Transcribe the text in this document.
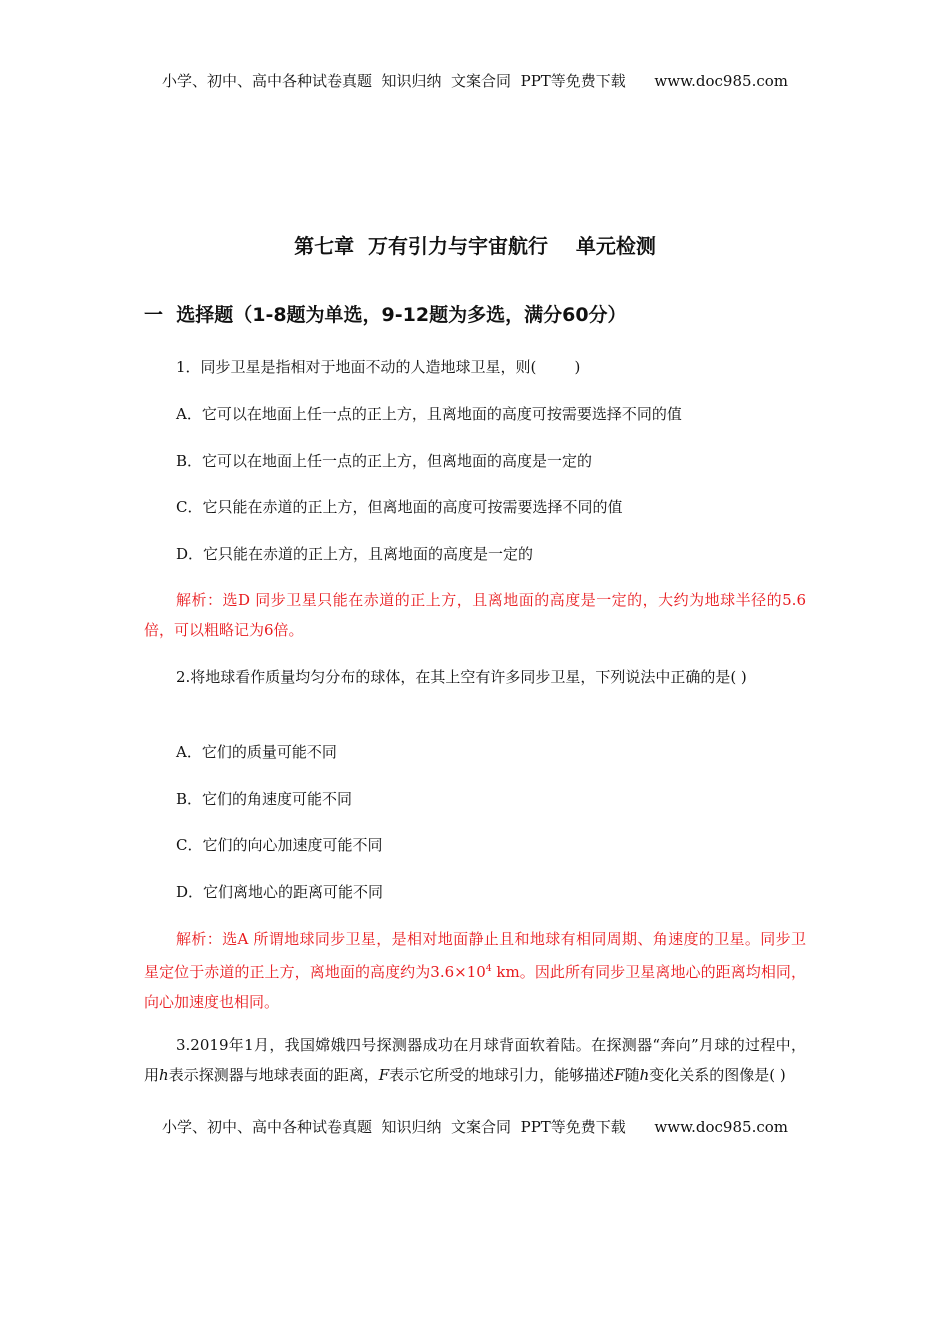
小学、初中、高中各种试卷真题  知识归纳  文案合同  PPT等免费下载      www.doc985.com
第七章  万有引力与宇宙航行    单元检测
一  选择题（1-8题为单选，9-12题为多选，满分60分）
1．同步卫星是指相对于地面不动的人造地球卫星，则(        )
A．它可以在地面上任一点的正上方，且离地面的高度可按需要选择不同的值
B．它可以在地面上任一点的正上方，但离地面的高度是一定的
C．它只能在赤道的正上方，但离地面的高度可按需要选择不同的值
D．它只能在赤道的正上方，且离地面的高度是一定的
解析：选D 同步卫星只能在赤道的正上方，且离地面的高度是一定的，大约为地球半径的5.6倍，可以粗略记为6倍。
2.将地球看作质量均匀分布的球体，在其上空有许多同步卫星，下列说法中正确的是( )
A．它们的质量可能不同
B．它们的角速度可能不同
C．它们的向心加速度可能不同
D．它们离地心的距离可能不同
解析：选A 所谓地球同步卫星，是相对地面静止且和地球有相同周期、角速度的卫星。同步卫星定位于赤道的正上方，离地面的高度约为$3.6\times 10^4$ km。因此所有同步卫星离地心的距离均相同，向心加速度也相同。
3.2019年1月，我国嫦娥四号探测器成功在月球背面软着陆。在探测器“奔向”月球的过程中，用h表示探测器与地球表面的距离，F表示它所受的地球引力，能够描述F随h变化关系的图像是( )
小学、初中、高中各种试卷真题  知识归纳  文案合同  PPT等免费下载      www.doc985.com
